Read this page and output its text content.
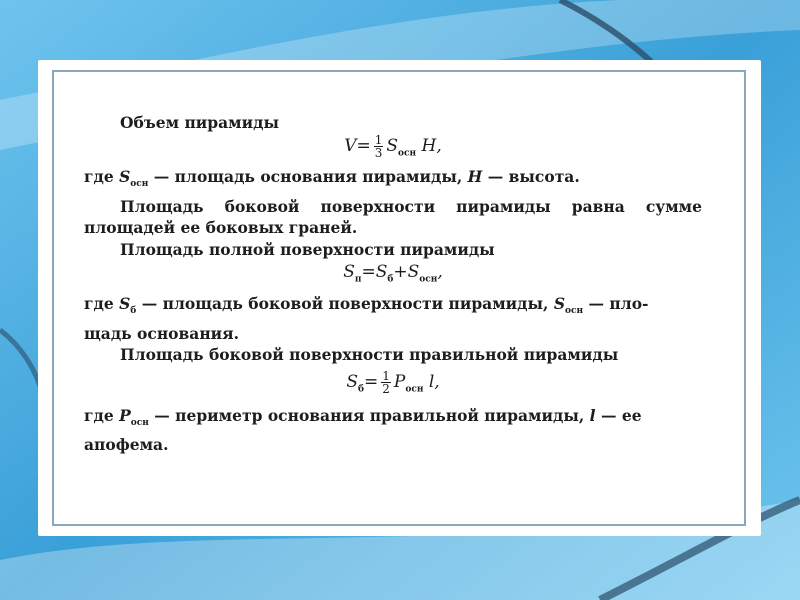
Объем пирамиды
$V= \frac{1}{3} S_{осн}$ H,
где $S_{осн}$ — площадь основания пирамиды, H — высота.
Площадь боковой поверхности пирамиды равна сумме
площадей ее боковых граней.
Площадь полной поверхности пирамиды
$S_п=S_б+S_{осн}$,
где $S_б$ — площадь боковой поверхности пирамиды, $S_{осн}$ — пло-
щадь основания.
Площадь боковой поверхности правильной пирамиды
$S_б= \frac{1}{2} P_{осн}$ l,
где $P_{осн}$ — периметр основания правильной пирамиды, l — ее
апофема.
